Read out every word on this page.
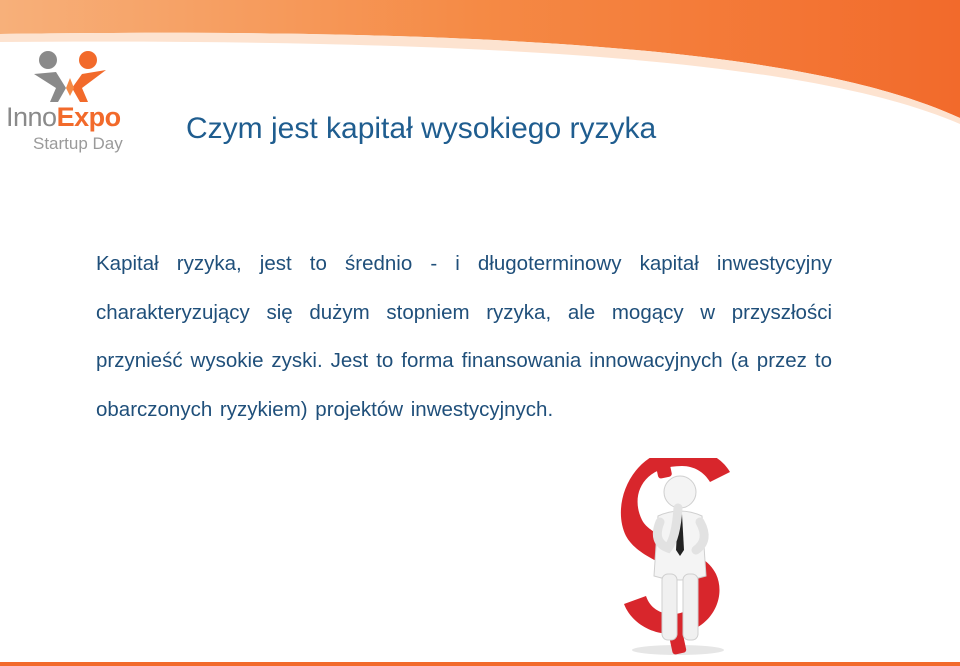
InnoExpo
Startup Day Czym jest kapitał wysokiego ryzyka

Kapitał ryzyka, jest to średnio - i długoterminowy kapitał inwestycyjny charakteryzujący się dużym stopniem ryzyka, ale mogący w przyszłości przynieść wysokie zyski. Jest to forma finansowania innowacyjnych (a przez to obarczonych ryzykiem) projektów inwestycyjnych.
